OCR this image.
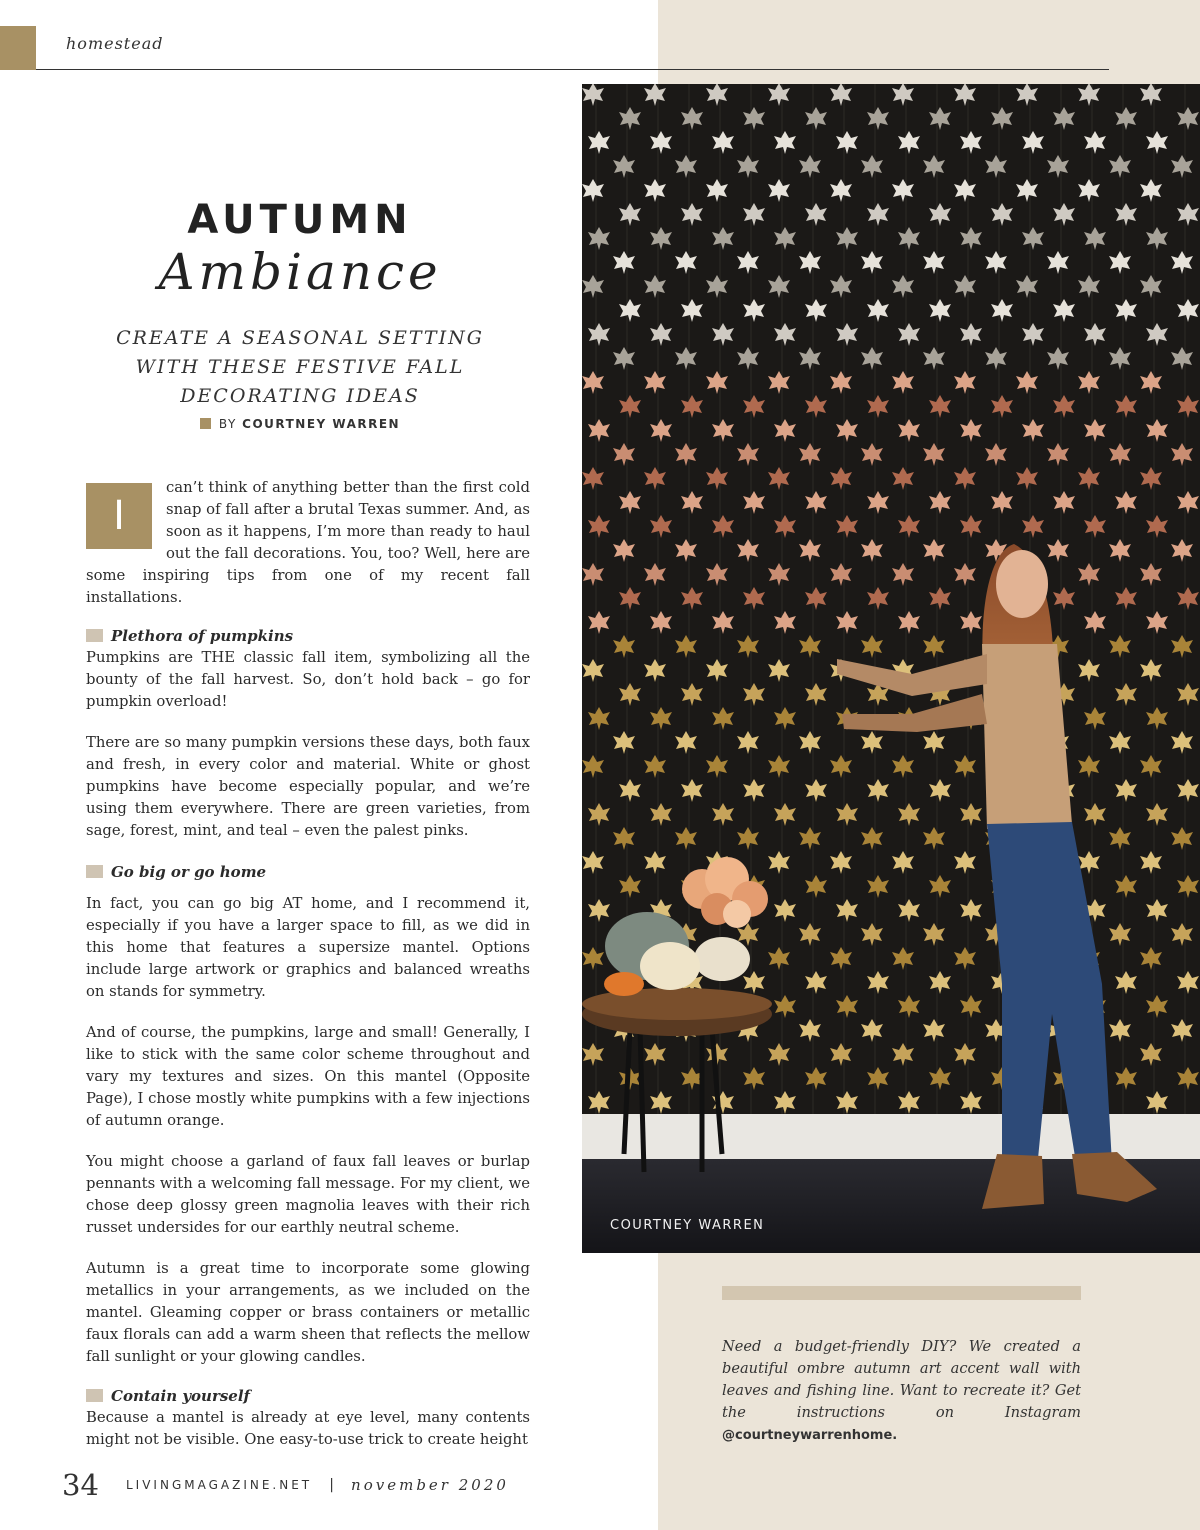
homestead
AUTUMN
Ambiance
CREATE A SEASONAL SETTING WITH THESE FESTIVE FALL DECORATING IDEAS
BY COURTNEY WARREN
I

can’t think of anything better than the first cold snap of fall after a brutal Texas summer. And, as soon as it happens, I’m more than ready to haul out the fall decorations. You, too? Well, here are some inspiring tips from one of my recent fall installations.

Plethora of pumpkins

Pumpkins are THE classic fall item, symbolizing all the bounty of the fall harvest. So, don’t hold back – go for pumpkin overload!

There are so many pumpkin versions these days, both faux and fresh, in every color and material. White or ghost pumpkins have become especially popular, and we’re using them everywhere. There are green varieties, from sage, forest, mint, and teal – even the palest pinks.

Go big or go home

In fact, you can go big AT home, and I recommend it, especially if you have a larger space to fill, as we did in this home that features a supersize mantel. Options include large artwork or graphics and balanced wreaths on stands for symmetry.

And of course, the pumpkins, large and small! Generally, I like to stick with the same color scheme throughout and vary my textures and sizes. On this mantel (Opposite Page), I chose mostly white pumpkins with a few injections of autumn orange.

You might choose a garland of faux fall leaves or burlap pennants with a welcoming fall message. For my client, we chose deep glossy green magnolia leaves with their rich russet undersides for our earthly neutral scheme.

Autumn is a great time to incorporate some glowing metallics in your arrangements, as we included on the mantel. Gleaming copper or brass containers or metallic faux florals can add a warm sheen that reflects the mellow fall sunlight or your glowing candles.

Contain yourself

Because a mantel is already at eye level, many contents might not be visible. One easy-to-use trick to create height

COURTNEY WARREN
Need a budget-friendly DIY? We created a beautiful ombre autumn art accent wall with leaves and fishing line. Want to recreate it? Get the instructions on Instagram @courtneywarrenhome.
34 LIVINGMAGAZINE.NET | november 2020
